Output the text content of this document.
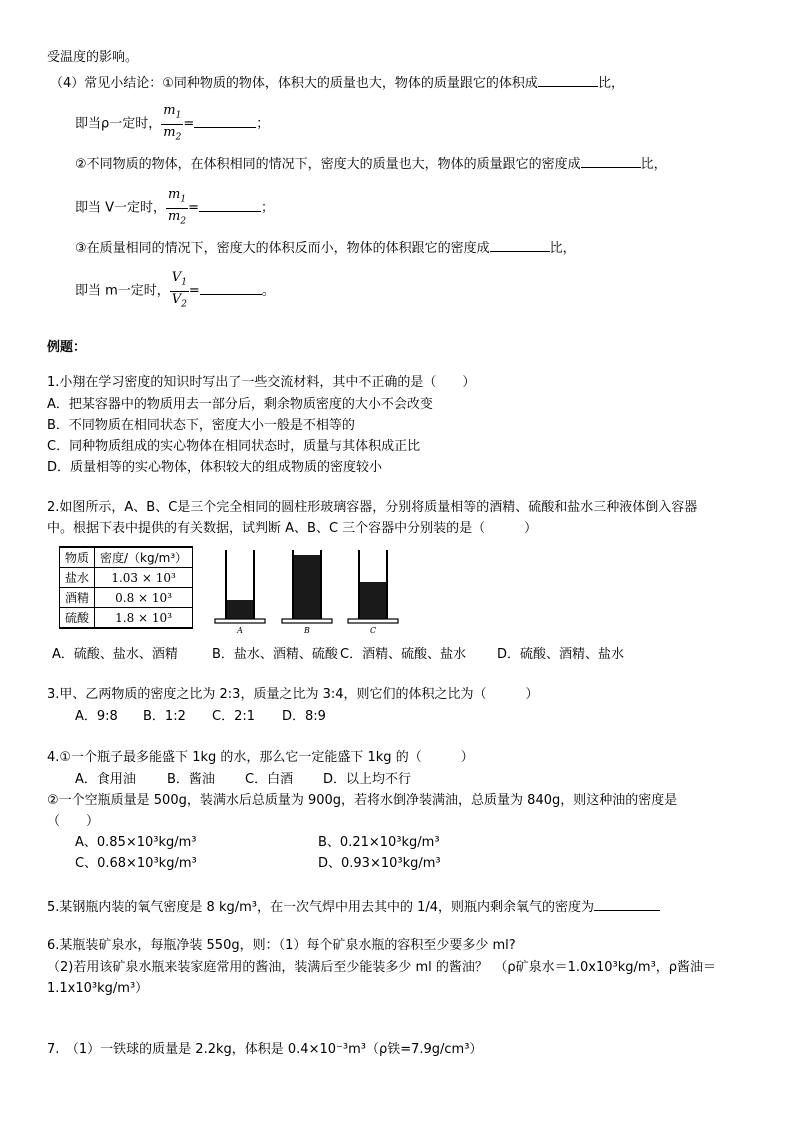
受温度的影响。
（4）常见小结论：①同种物质的物体，体积大的质量也大，物体的质量跟它的体积成	比，
即当ρ一定时， $\frac{m_1}{m_2}$ =	；
②不同物质的物体，在体积相同的情况下，密度大的质量也大，物体的质量跟它的密度成	比，
即当 V一定时， $\frac{m_1}{m_2}$ =	；
③在质量相同的情况下，密度大的体积反而小，物体的体积跟它的密度成	比，
即当 m一定时， $\frac{V_1}{V_2}$ =	。
例题：
1.小翔在学习密度的知识时写出了一些交流材料，其中不正确的是（　　）
A．把某容器中的物质用去一部分后，剩余物质密度的大小不会改变
B．不同物质在相同状态下，密度大小一般是不相等的
C．同种物质组成的实心物体在相同状态时，质量与其体积成正比
D．质量相等的实心物体，体积较大的组成物质的密度较小
2.如图所示，A、B、C是三个完全相同的圆柱形玻璃容器，分别将质量相等的酒精、硫酸和盐水三种液体倒入容器
中。根据下表中提供的有关数据，试判断 A、B、C 三个容器中分别装的是（　　　）
物质	密度/（kg/m³）
盐水	1.03 × 10³
酒精	0.8 × 10³
硫酸	1.8 × 10³
A	B	C
A．硫酸、盐水、酒精	B．盐水、酒精、硫酸 C．酒精、硫酸、盐水 D．硫酸、酒精、盐水
3.甲、乙两物质的密度之比为 2:3，质量之比为 3:4，则它们的体积之比为（　　　）
A．9:8 B．1:2 C．2:1 D．8:9
4.①一个瓶子最多能盛下 1kg 的水，那么它一定能盛下 1kg 的（　　　）
A．食用油 B．酱油 C．白酒 D．以上均不行
②一个空瓶质量是 500g，装满水后总质量为 900g，若将水倒净装满油，总质量为 840g，则这种油的密度是
（　　）
A、0.85×10³kg/m³	B、0.21×10³kg/m³
C、0.68×10³kg/m³	D、0.93×10³kg/m³
5.某钢瓶内装的氧气密度是 8 kg/m³，在一次气焊中用去其中的 1/4，则瓶内剩余氧气的密度为
6.某瓶装矿泉水，每瓶净装 550g，则：（1）每个矿泉水瓶的容积至少要多少 ml?
（2)若用该矿泉水瓶来装家庭常用的酱油，装满后至少能装多少 ml 的酱油？　（ρ矿泉水＝1.0x10³kg/m³，ρ酱油＝
1.1x10³kg/m³）
7.　（1）一铁球的质量是 2.2kg，体积是 0.4×10⁻³m³（ρ铁=7.9g/cm³）
